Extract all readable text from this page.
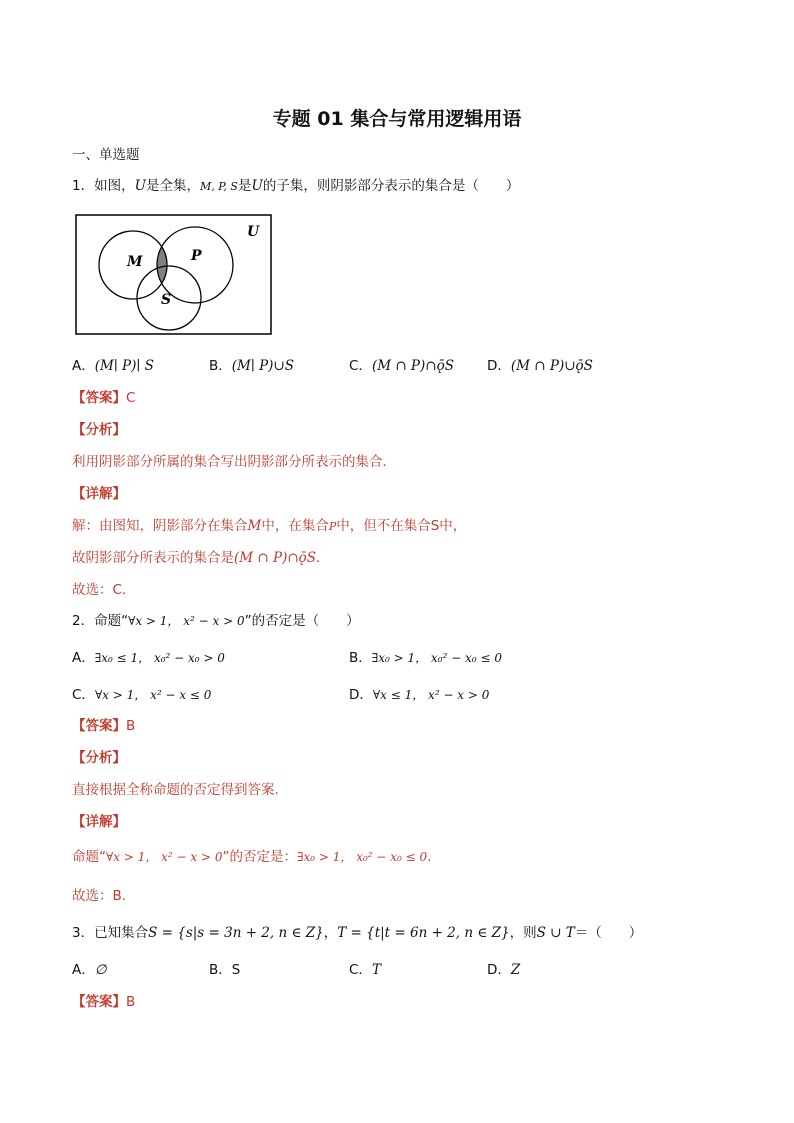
专题 01 集合与常用逻辑用语
一、单选题
1．如图，U是全集，M, P, S是U的子集，则阴影部分表示的集合是（　　）
U
M	P
S
A．(M∣ P)∣ S	B．(M∣ P)∪S	C．(M ∩ P)∩ǭS D．(M ∩ P)∪ǭS
【答案】C
【分析】
利用阴影部分所属的集合写出阴影部分所表示的集合．
【详解】
解：由图知，阴影部分在集合M中，在集合P中，但不在集合S中，
故阴影部分所表示的集合是(M ∩ P)∩ǭS．
故选：C.
2．命题“∀x > 1， x² − x > 0”的否定是（　　）
A．∃x₀ ≤ 1， x₀² − x₀ > 0	B．∃x₀ > 1， x₀² − x₀ ≤ 0
C．∀x > 1， x² − x ≤ 0	D．∀x ≤ 1， x² − x > 0
【答案】B
【分析】
直接根据全称命题的否定得到答案.
【详解】
命题“∀x > 1， x² − x > 0”的否定是：∃x₀ > 1， x₀² − x₀ ≤ 0.
故选：B.
3．已知集合S = {s|s = 3n + 2, n ∈ Z}，T = {t|t = 6n + 2, n ∈ Z}，则S ∪ T＝（　　）
A．∅	B．S	C．T	D．Z
【答案】B
